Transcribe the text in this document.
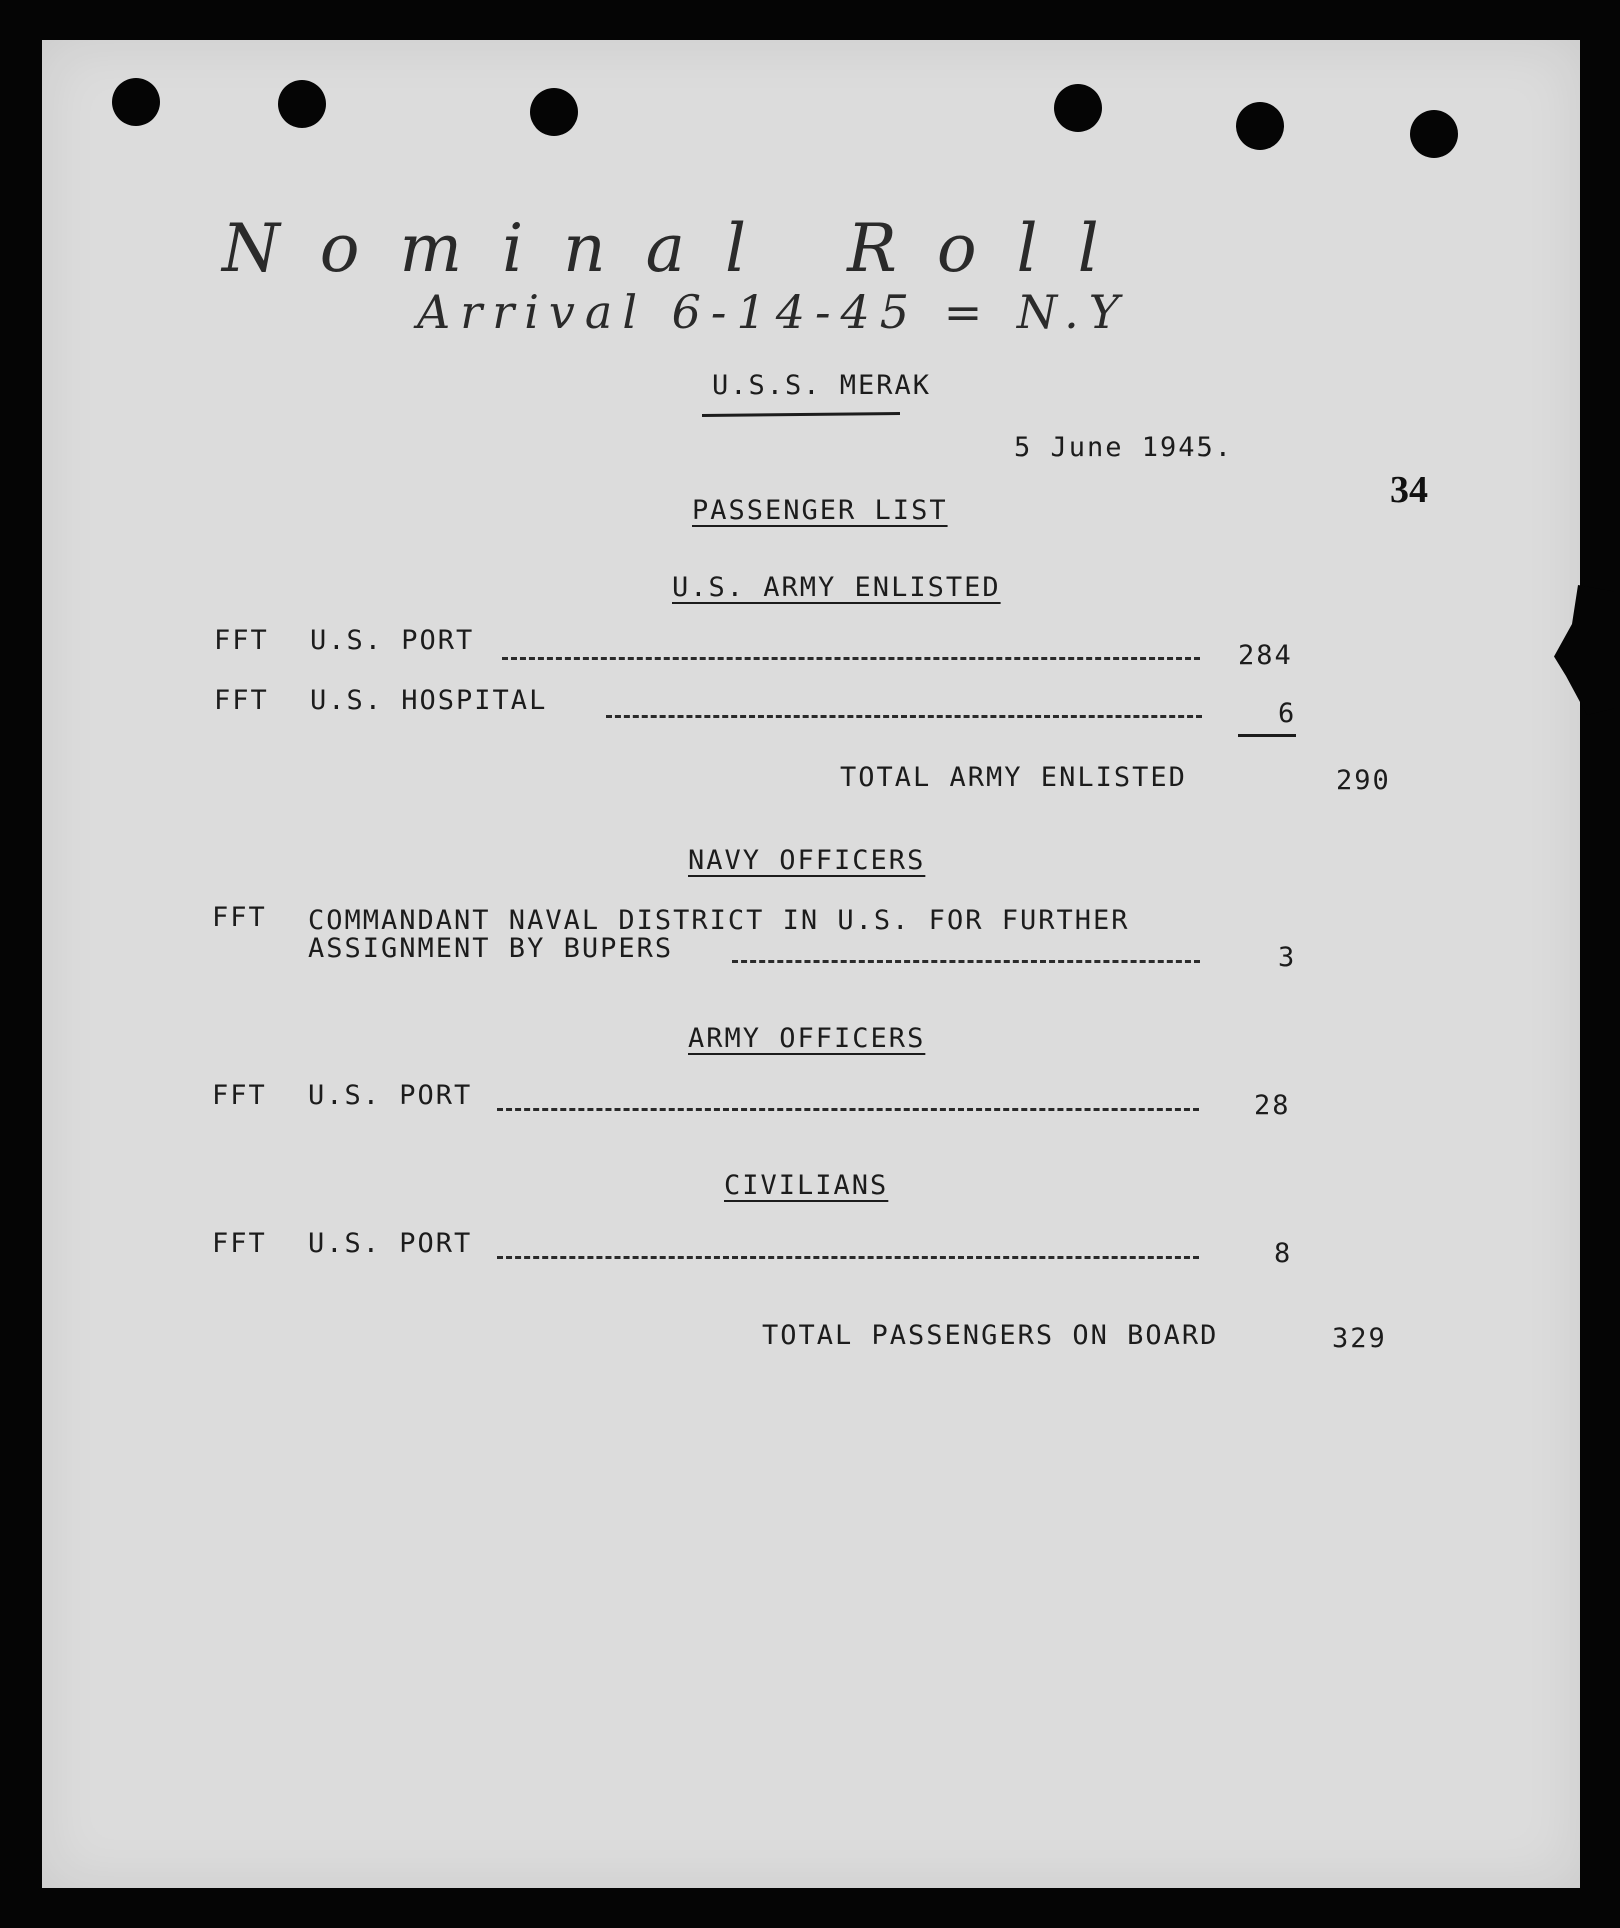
Nominal Roll

Arrival 6-14-45 = N.Y

U.S.S. MERAK

5 June 1945.

34

PASSENGER LIST

U.S. ARMY ENLISTED

FFT U.S. PORT	284

FFT U.S. HOSPITAL	6

TOTAL ARMY ENLISTED	290

NAVY OFFICERS

FFT COMMANDANT NAVAL DISTRICT IN U.S. FOR FURTHER

ASSIGNMENT BY BUPERS	3

ARMY OFFICERS

FFT U.S. PORT	28

CIVILIANS

FFT U.S. PORT	8

TOTAL PASSENGERS ON BOARD	329
